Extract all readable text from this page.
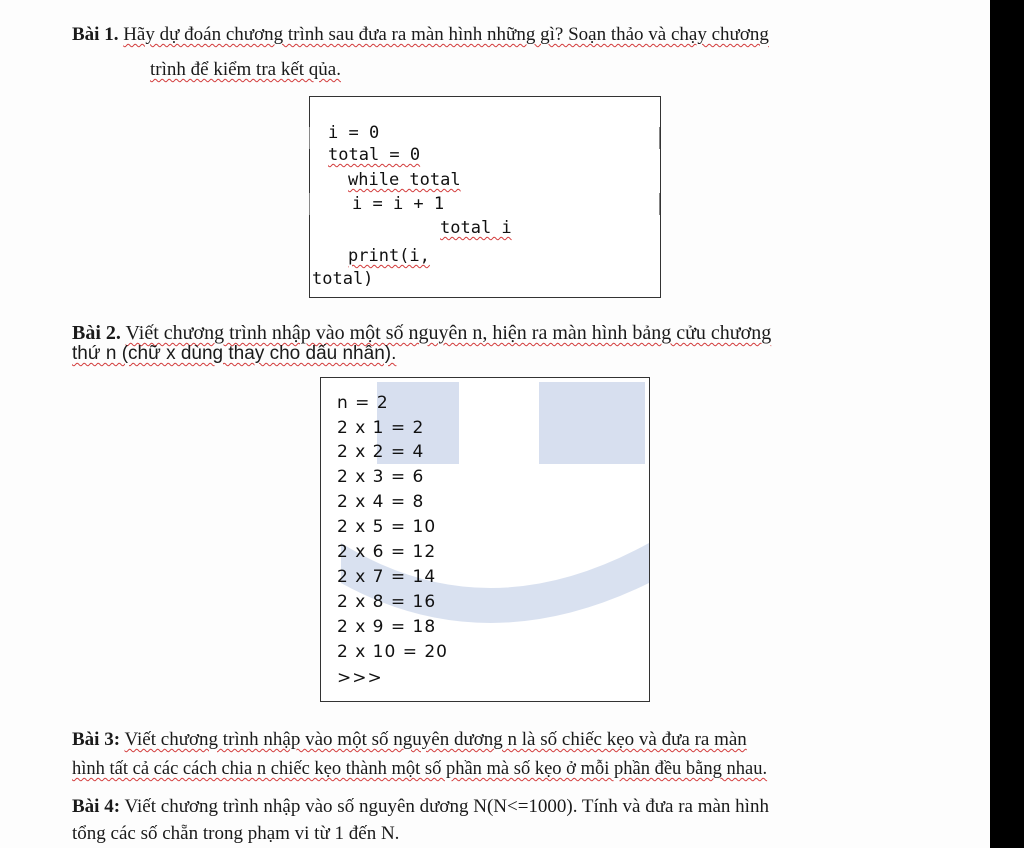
Bài 1. Hãy dự đoán chương trình sau đưa ra màn hình những gì? Soạn thảo và chạy chương

trình để kiểm tra kết qủa.

i = 0
total = 0
while total
i = i + 1
total i
print(i,
total)

Bài 2. Viết chương trình nhập vào một số nguyên n, hiện ra màn hình bảng cửu chương

thứ n (chữ x dùng thay cho dấu nhân).

n = 2
2 x 1 = 2
2 x 2 = 4
2 x 3 = 6
2 x 4 = 8
2 x 5 = 10
2 x 6 = 12
2 x 7 = 14
2 x 8 = 16
2 x 9 = 18
2 x 10 = 20
>>>

Bài 3: Viết chương trình nhập vào một số nguyên dương n là số chiếc kẹo và đưa ra màn

hình tất cả các cách chia n chiếc kẹo thành một số phần mà số kẹo ở mỗi phần đều bằng nhau.

Bài 4: Viết chương trình nhập vào số nguyên dương N(N<=1000). Tính và đưa ra màn hình

tổng các số chẵn trong phạm vi từ 1 đến N.
